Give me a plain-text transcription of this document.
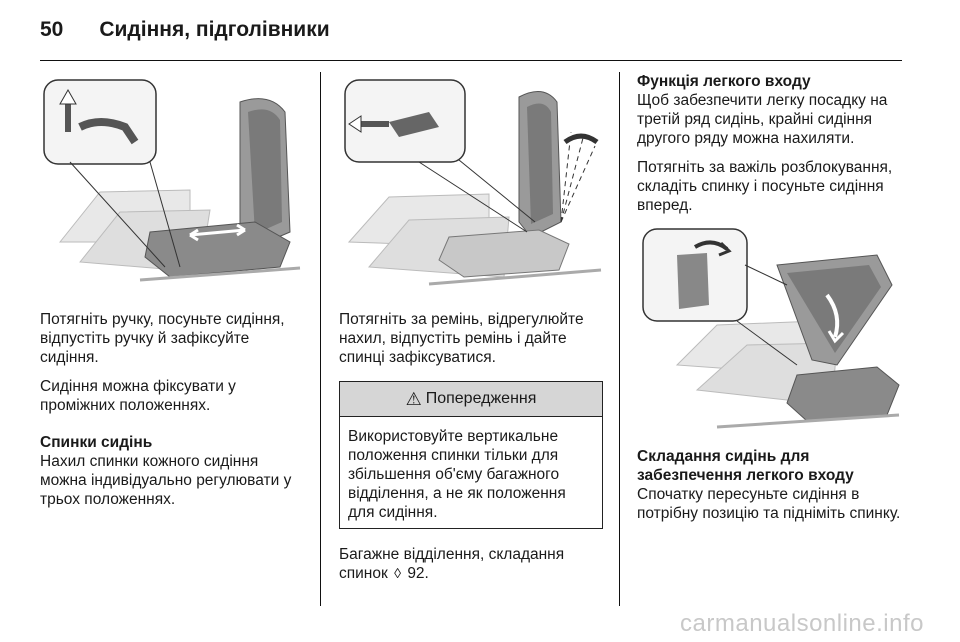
50 Сидіння, підголівники

Потягніть ручку, посуньте сидіння, відпустіть ручку й зафіксуйте сидіння.

Сидіння можна фіксувати у проміжних положеннях.

Спинки сидінь
Нахил спинки кожного сидіння можна індивідуально регулювати у трьох положеннях.

Потягніть за ремінь, відрегулюйте нахил, відпустіть ремінь і дайте спинці зафіксуватися.

⚠ Попередження
Використовуйте вертикальне положення спинки тільки для збільшення об'єму багажного відділення, а не як положення для сидіння.

Багажне відділення, складання спинок ◊ 92.

Функція легкого входу
Щоб забезпечити легку посадку на третій ряд сидінь, крайні сидіння другого ряду можна нахиляти.

Потягніть за важіль розблокування, складіть спинку і посуньте сидіння вперед.

Складання сидінь для забезпечення легкого входу
Спочатку пересуньте сидіння в потрібну позицію та підніміть спинку.

carmanualsonline.info
